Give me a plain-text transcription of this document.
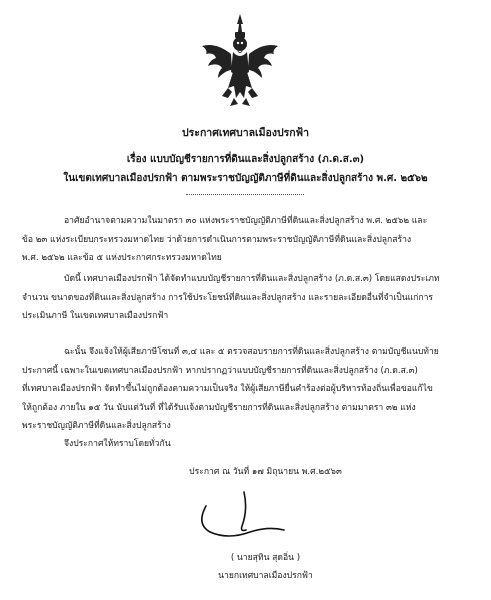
ประกาศเทศบาลเมืองปรกฟ้า
เรื่อง แบบบัญชีรายการที่ดินและสิ่งปลูกสร้าง (ภ.ด.ส.๓)
ในเขตเทศบาลเมืองปรกฟ้า ตามพระราชบัญญัติภาษีที่ดินและสิ่งปลูกสร้าง พ.ศ. ๒๕๖๒
อาศัยอำนาจตามความในมาตรา ๓๐ แห่งพระราชบัญญัติภาษีที่ดินและสิ่งปลูกสร้าง พ.ศ. ๒๕๖๒ และ
ข้อ ๒๓ แห่งระเบียบกระทรวงมหาดไทย ว่าด้วยการดำเนินการตามพระราชบัญญัติภาษีที่ดินและสิ่งปลูกสร้าง
พ.ศ. ๒๕๖๒ และข้อ ๕ แห่งประกาศกระทรวงมหาดไทย
บัดนี้ เทศบาลเมืองปรกฟ้า ได้จัดทำแบบบัญชีรายการที่ดินและสิ่งปลูกสร้าง (ภ.ด.ส.๓) โดยแสดงประเภท
จำนวน ขนาดของที่ดินและสิ่งปลูกสร้าง การใช้ประโยชน์ที่ดินและสิ่งปลูกสร้าง และรายละเอียดอื่นที่จำเป็นแก่การ
ประเมินภาษี ในเขตเทศบาลเมืองปรกฟ้า
ฉะนั้น จึงแจ้งให้ผู้เสียภาษีโซนที่ ๓,๔ และ ๕ ตรวจสอบรายการที่ดินและสิ่งปลูกสร้าง ตามบัญชีแนบท้าย
ประกาศนี้ เฉพาะในเขตเทศบาลเมืองปรกฟ้า หากปรากฏว่าแบบบัญชีรายการที่ดินและสิ่งปลูกสร้าง (ภ.ด.ส.๓)
ที่เทศบาลเมืองปรกฟ้า จัดทำขึ้นไม่ถูกต้องตามความเป็นจริง ให้ผู้เสียภาษียื่นคำร้องต่อผู้บริหารท้องถิ่นเพื่อขอแก้ไข
ให้ถูกต้อง ภายใน ๑๕ วัน นับแต่วันที่ ที่ได้รับแจ้งตามบัญชีรายการที่ดินและสิ่งปลูกสร้าง ตามมาตรา ๓๒ แห่ง
พระราชบัญญัติภาษีที่ดินและสิ่งปลูกสร้าง
จึงประกาศให้ทราบโดยทั่วกัน
ประกาศ ณ วันที่ ๑๗ มิถุนายน พ.ศ.๒๕๖๓
( นายสุทิน สุดอิ่น )
นายกเทศบาลเมืองปรกฟ้า
